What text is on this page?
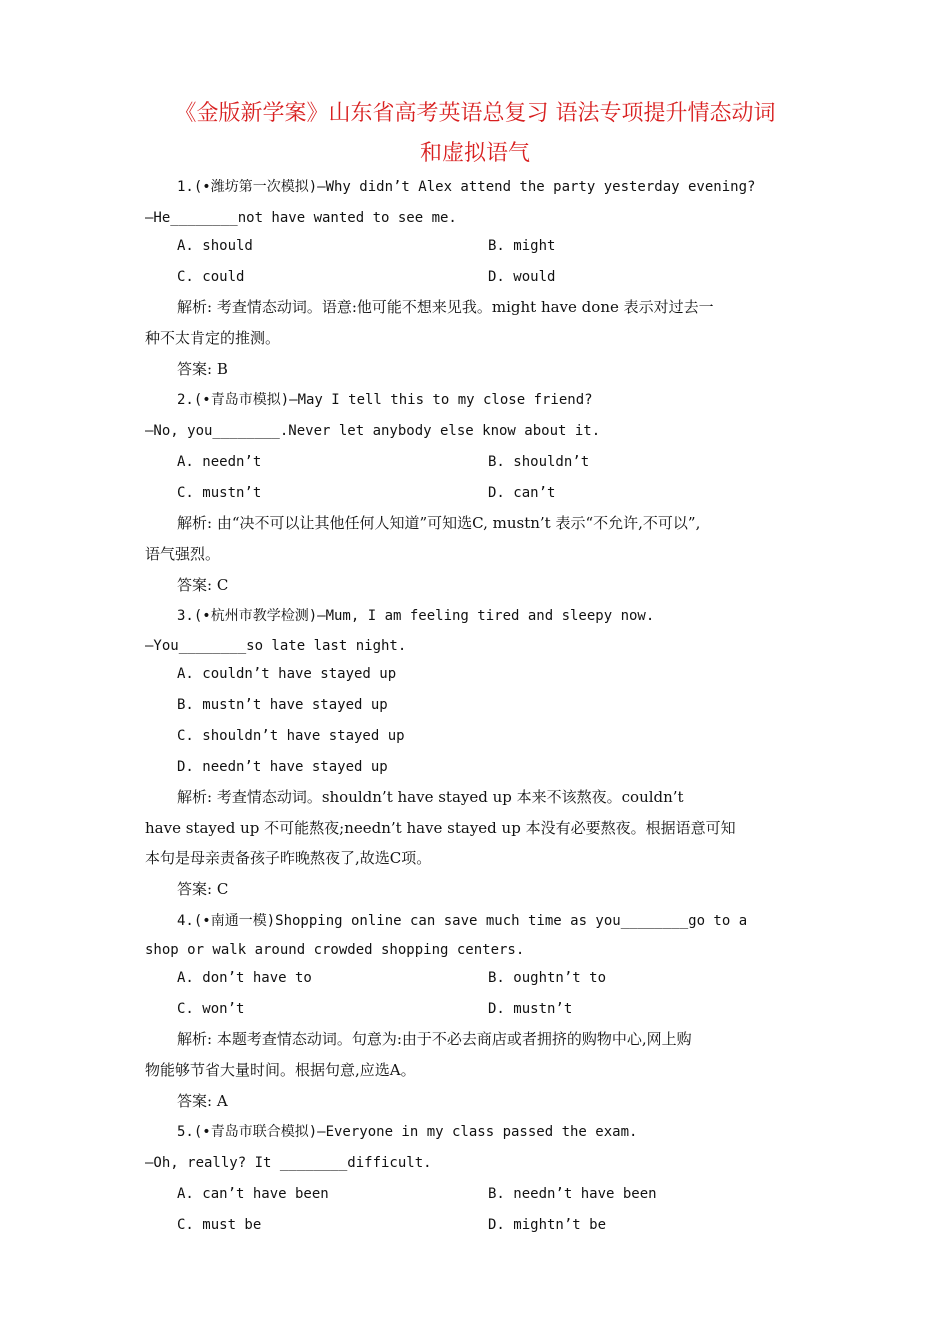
《金版新学案》山东省高考英语总复习 语法专项提升情态动词
和虚拟语气
1.(•潍坊第一次模拟)—Why didn’t Alex attend the party yesterday evening?
—He________not have wanted to see me.
A. should	B. might
C. could	D. would
解析: 考查情态动词。语意:他可能不想来见我。might have done 表示对过去一
种不太肯定的推测。
答案: B
2.(•青岛市模拟)—May I tell this to my close friend?
—No, you________.Never let anybody else know about it.
A. needn’t	B. shouldn’t
C. mustn’t	D. can’t
解析: 由“决不可以让其他任何人知道”可知选C, mustn’t 表示“不允许,不可以”,
语气强烈。
答案: C
3.(•杭州市教学检测)—Mum, I am feeling tired and sleepy now.
—You________so late last night.
A. couldn’t have stayed up
B. mustn’t have stayed up
C. shouldn’t have stayed up
D. needn’t have stayed up
解析: 考查情态动词。shouldn’t have stayed up 本来不该熬夜。couldn’t
have stayed up 不可能熬夜;needn’t have stayed up 本没有必要熬夜。根据语意可知
本句是母亲责备孩子昨晚熬夜了,故选C项。
答案: C
4.(•南通一模)Shopping online can save much time as you________go to a
shop or walk around crowded shopping centers.
A. don’t have to	B. oughtn’t to
C. won’t	D. mustn’t
解析: 本题考查情态动词。句意为:由于不必去商店或者拥挤的购物中心,网上购
物能够节省大量时间。根据句意,应选A。
答案: A
5.(•青岛市联合模拟)—Everyone in my class passed the exam.
—Oh, really? It ________difficult.
A. can’t have been	B. needn’t have been
C. must be	D. mightn’t be
